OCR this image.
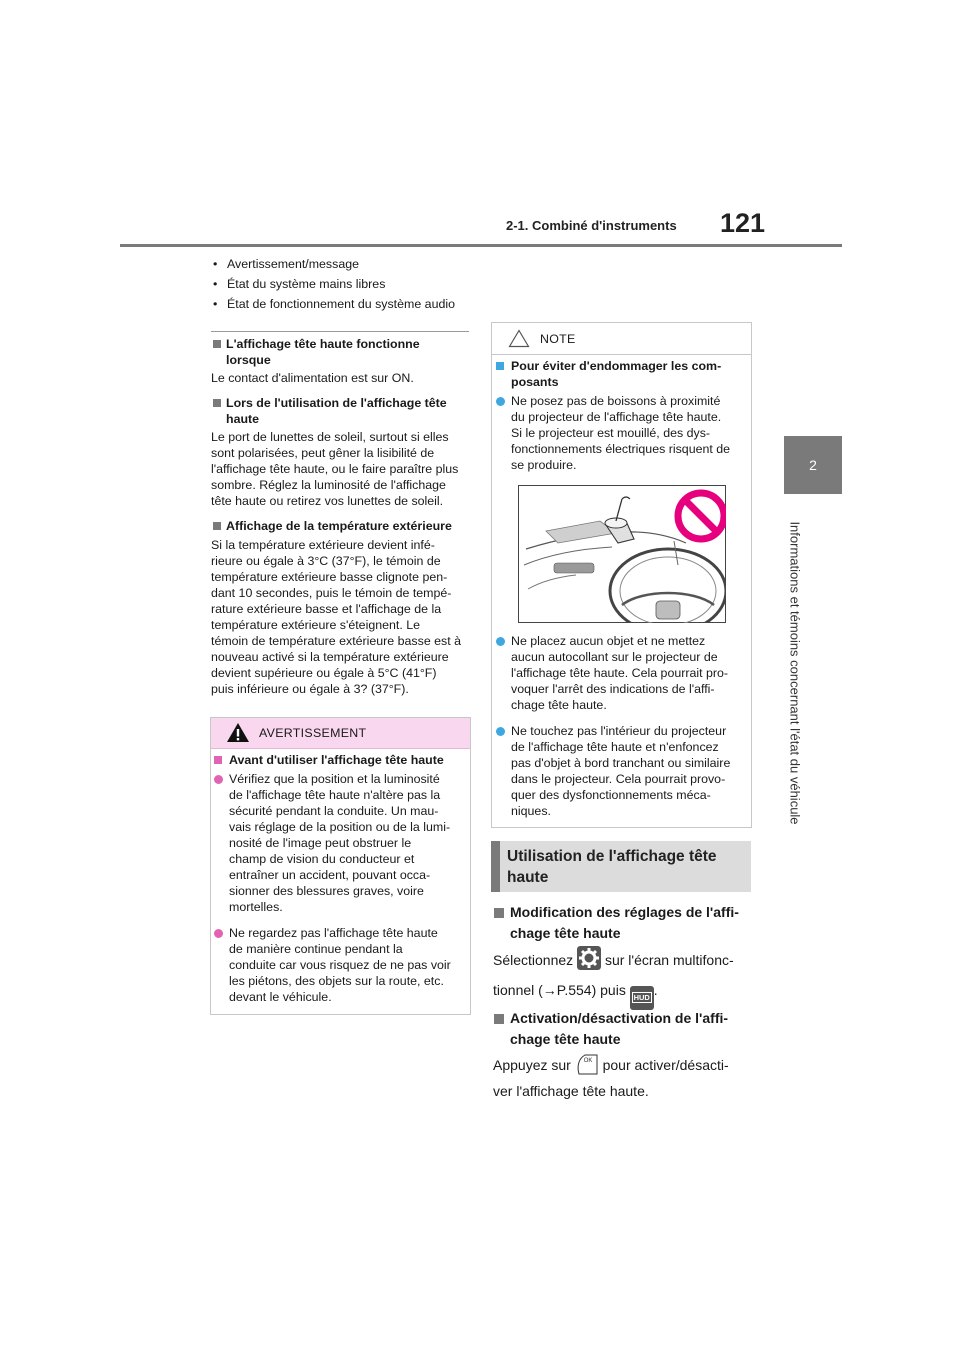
2-1. Combiné d'instruments 121
2
Informations et témoins concernant l'état du véhicule
• Avertissement/message
• État du système mains libres
• État de fonctionnement du système audio
L'affichage tête haute fonctionne
lorsque
Le contact d'alimentation est sur ON.
Lors de l'utilisation de l'affichage tête
haute
Le port de lunettes de soleil, surtout si elles
sont polarisées, peut gêner la lisibilité de
l'affichage tête haute, ou le faire paraître plus
sombre. Réglez la luminosité de l'affichage
tête haute ou retirez vos lunettes de soleil.
Affichage de la température extérieure
Si la température extérieure devient infé-
rieure ou égale à 3°C (37°F), le témoin de
température extérieure basse clignote pen-
dant 10 secondes, puis le témoin de tempé-
rature extérieure basse et l'affichage de la
température extérieure s'éteignent. Le
témoin de température extérieure basse est à
nouveau activé si la température extérieure
devient supérieure ou égale à 5°C (41°F)
puis inférieure ou égale à 3? (37°F).
AVERTISSEMENT
Avant d'utiliser l'affichage tête haute
Vérifiez que la position et la luminosité
de l'affichage tête haute n'altère pas la
sécurité pendant la conduite. Un mau-
vais réglage de la position ou de la lumi-
nosité de l'image peut obstruer le
champ de vision du conducteur et
entraîner un accident, pouvant occa-
sionner des blessures graves, voire
mortelles.
Ne regardez pas l'affichage tête haute
de manière continue pendant la
conduite car vous risquez de ne pas voir
les piétons, des objets sur la route, etc.
devant le véhicule.
NOTE
Pour éviter d'endommager les com-
posants
Ne posez pas de boissons à proximité
du projecteur de l'affichage tête haute.
Si le projecteur est mouillé, des dys-
fonctionnements électriques risquent de
se produire.
Ne placez aucun objet et ne mettez
aucun autocollant sur le projecteur de
l'affichage tête haute. Cela pourrait pro-
voquer l'arrêt des indications de l'affi-
chage tête haute.
Ne touchez pas l'intérieur du projecteur
de l'affichage tête haute et n'enfoncez
pas d'objet à bord tranchant ou similaire
dans le projecteur. Cela pourrait provo-
quer des dysfonctionnements méca-
niques.
Utilisation de l'affichage tête
haute
Modification des réglages de l'affi-
chage tête haute
Sélectionnez sur l'écran multifonc-
tionnel (→P.554) puis HUD .
Activation/désactivation de l'affi-
chage tête haute
Appuyez sur OK pour activer/désacti-
ver l'affichage tête haute.
